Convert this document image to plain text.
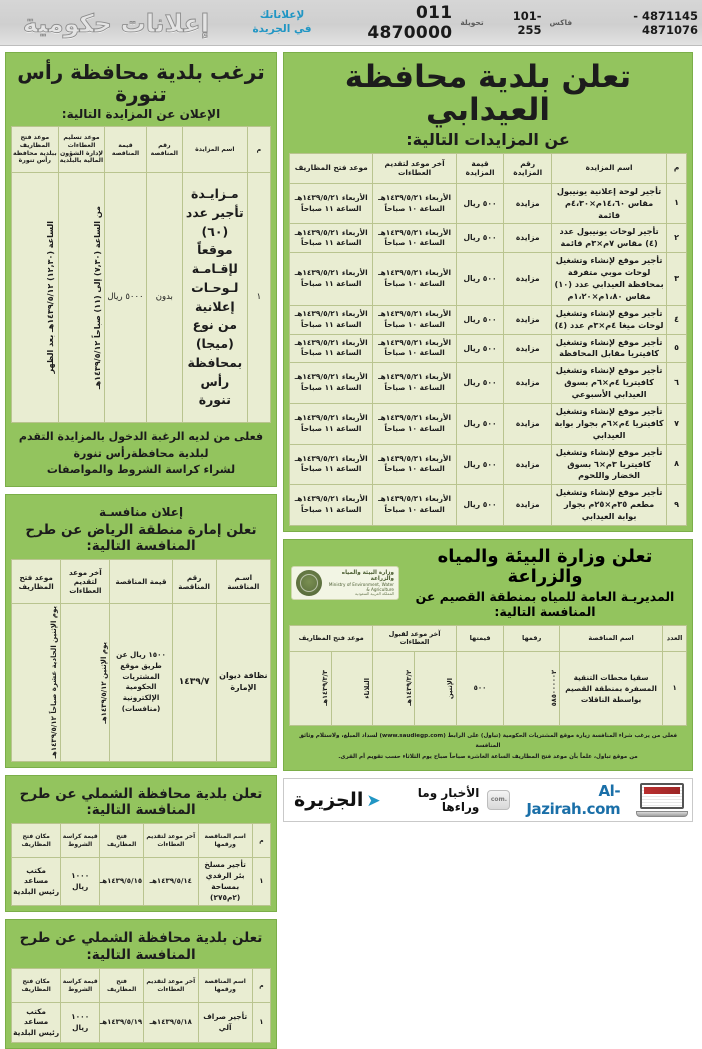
إعلانات حكومية	لإعلاناتك
في الجريدة
011 4870000 تحويلة	101-255 فاكس	4871145 - 4871076
ترغب بلدية محافظة رأس تنورة
الإعلان عن المزايدة التالية:
م	اسم المزايدة	رقم المناقصة	قيمة المناقصة	موعد تسليم العطاءات لإدارة الشؤون المالية بالبلدية	موعد فتح المظاريف ببلدية محافظة رأس تنورة
١	مـزايـدة تأجير عدد (٦٠) موقعاً لإقـامـة لـوحـات إعلانية من نوع (ميجا) بمحافظة رأس تنورة	بدون	٥٠٠٠ ريال	من الساعة (٧,٣٠) إلى (١١) صباحاً ١٤٣٩/٥/١٢هـ	الساعة (١٢,٣٠) ١٤٣٩/٥/١٢هـ بعد الظهر
فعلى من لديه الرغبة الدخول بالمزايدة التقدم
لبلدية محافظةرأس تنورة
لشراء كراسة الشروط والمواصفات
إعلان منافسـة
تعلن إمارة منطقة الرياض عن طرح المنافسة التالية:
اسـم المناقسة	رقم المناقصة	قيمة المناقصة	آخر موعد لتقديم العطاءات	موعد فتح المظاريف
نظافة ديوان الإمارة	١٤٣٩/٧	١٥٠٠ ريال عن طريق موقع المشتريات الحكومية الإلكترونية (منافسات)	يوم الإثنين ١٤٣٩/٥/١٢هـ	يوم الإثنين الحادية عشرة صباحاً ١٤٣٩/٥/١٢هـ
تعلن بلدية محافظة الشملي عن طرح المنافسة التالية:
م	اسم المناقصة ورقمها	آخر موعد لتقديم العطاءات	فتح المظاريف	قيمة كراسة الشروط	مكان فتح المظاريف
١	تأجير مسلخ بئر الرفدي بمساحة (٢م٢٧٥)	١٤٣٩/٥/١٤هـ	١٤٣٩/٥/١٥هـ	١٠٠٠ ريال	مكتب مساعد رئيس البلدية
تعلن بلدية محافظة الشملي عن طرح المنافسة التالية:
م	اسم المناقصة ورقمها	آخر موعد لتقديم العطاءات	فتح المظاريف	قيمة كراسة الشروط	مكان فتح المظاريف
١	تأجير صراف آلي	١٤٣٩/٥/١٨هـ	١٤٣٩/٥/١٩هـ	١٠٠٠ ريال	مكتب مساعد رئيس البلدية
تعلن بلدية محافظة العيدابي
عن المزايدات التالية:
م	اسم المزايدة	رقم المزايدة	قيمة المزايدة	آخر موعد لتقديم العطاءات	موعد فتح المظاريف
١	تأجير لوحة إعلانية يونيبول مقاس ١٤،٦٠م×٤،٣٠م قائمة	مزايدة	٥٠٠ ريال	الأربعاء ١٤٣٩/٥/٢١هـ الساعة ١٠ صباحاً	الأربعاء ١٤٣٩/٥/٢١هـ الساعة ١١ صباحاً
٢	تأجير لوحات يونيبول عدد (٤) مقاس ٧م×٣م قائمة	مزايدة	٥٠٠ ريال	الأربعاء ١٤٣٩/٥/٢١هـ الساعة ١٠ صباحاً	الأربعاء ١٤٣٩/٥/٢١هـ الساعة ١١ صباحاً
٣	تأجير موقع لإنشاء وتشغيل لوحات موبي متفرقة بمحافظة العيدابي عدد (١٠) مقاس ١،٨٠م×١،٢٠م	مزايدة	٥٠٠ ريال	الأربعاء ١٤٣٩/٥/٢١هـ الساعة ١٠ صباحاً	الأربعاء ١٤٣٩/٥/٢١هـ الساعة ١١ صباحاً
٤	تأجير موقع لإنشاء وتشغيل لوحات ميغا ٤م×٣م عدد (٤)	مزايدة	٥٠٠ ريال	الأربعاء ١٤٣٩/٥/٢١هـ الساعة ١٠ صباحاً	الأربعاء ١٤٣٩/٥/٢١هـ الساعة ١١ صباحاً
٥	تأجير موقع لإنشاء وتشغيل كافيتريا مقابل المحافظة	مزايدة	٥٠٠ ريال	الأربعاء ١٤٣٩/٥/٢١هـ الساعة ١٠ صباحاً	الأربعاء ١٤٣٩/٥/٢١هـ الساعة ١١ صباحاً
٦	تأجير موقع لإنشاء وتشغيل كافيتريا ٤م×٦م بسوق العيدابي الأسبوعي	مزايدة	٥٠٠ ريال	الأربعاء ١٤٣٩/٥/٢١هـ الساعة ١٠ صباحاً	الأربعاء ١٤٣٩/٥/٢١هـ الساعة ١١ صباحاً
٧	تأجير موقع لإنشاء وتشغيل كافيتريا ٤م×٦م بجوار بوابة العيدابي	مزايدة	٥٠٠ ريال	الأربعاء ١٤٣٩/٥/٢١هـ الساعة ١٠ صباحاً	الأربعاء ١٤٣٩/٥/٢١هـ الساعة ١١ صباحاً
٨	تأجير موقع لإنشاء وتشغيل كافيتريا ٣م×٦ بسوق الخضار واللحوم	مزايدة	٥٠٠ ريال	الأربعاء ١٤٣٩/٥/٢١هـ الساعة ١٠ صباحاً	الأربعاء ١٤٣٩/٥/٢١هـ الساعة ١١ صباحاً
٩	تأجير موقع لإنشاء وتشغيل مطعم ٣٥م×٢٥م بجوار بوابة العيدابي	مزايدة	٥٠٠ ريال	الأربعاء ١٤٣٩/٥/٢١هـ الساعة ١٠ صباحاً	الأربعاء ١٤٣٩/٥/٢١هـ الساعة ١١ صباحاً
وزارة البيئة والمياه والزراعة
Ministry of Environment, Water & Agriculture
المملكة العربية السعودية
تعلن وزارة البيئة والمياه والزراعة
المديريـة العامة للمياه بمنطقة القصيم عن المنافسة التالية:
العدد	اسم المناقصة	رقمها	قيمتها	آخر موعد لقبول العطاءات		موعد فتح المظاريف	
١	سقيا محطات التنقية المسفرة بمنطقة القصيم بواسطة الناقلات	٥٨٥٠٠٠٠٠٢	٥٠٠	الإثنين	١٤٣٩/٣/٢هـ	الثلاثاء	١٤٣٩/٣/٣هـ
فعلى من يرغب شراء المنافسة زيارة موقع المشتريات الحكومية (تباول) على الرابط (www.saudiegp.com) لسداد المبلغ، ولاستلام وثائق المنافسة
من موقع تباول، علماً بأن موعد فتح المظاريف الساعة العاشرة صباحاً صباح يوم الثلاثاء حسب تقويم أم القرى.
الجزيرة ➤	الأخبار وما وراءها	.com	Al-Jazirah.com
